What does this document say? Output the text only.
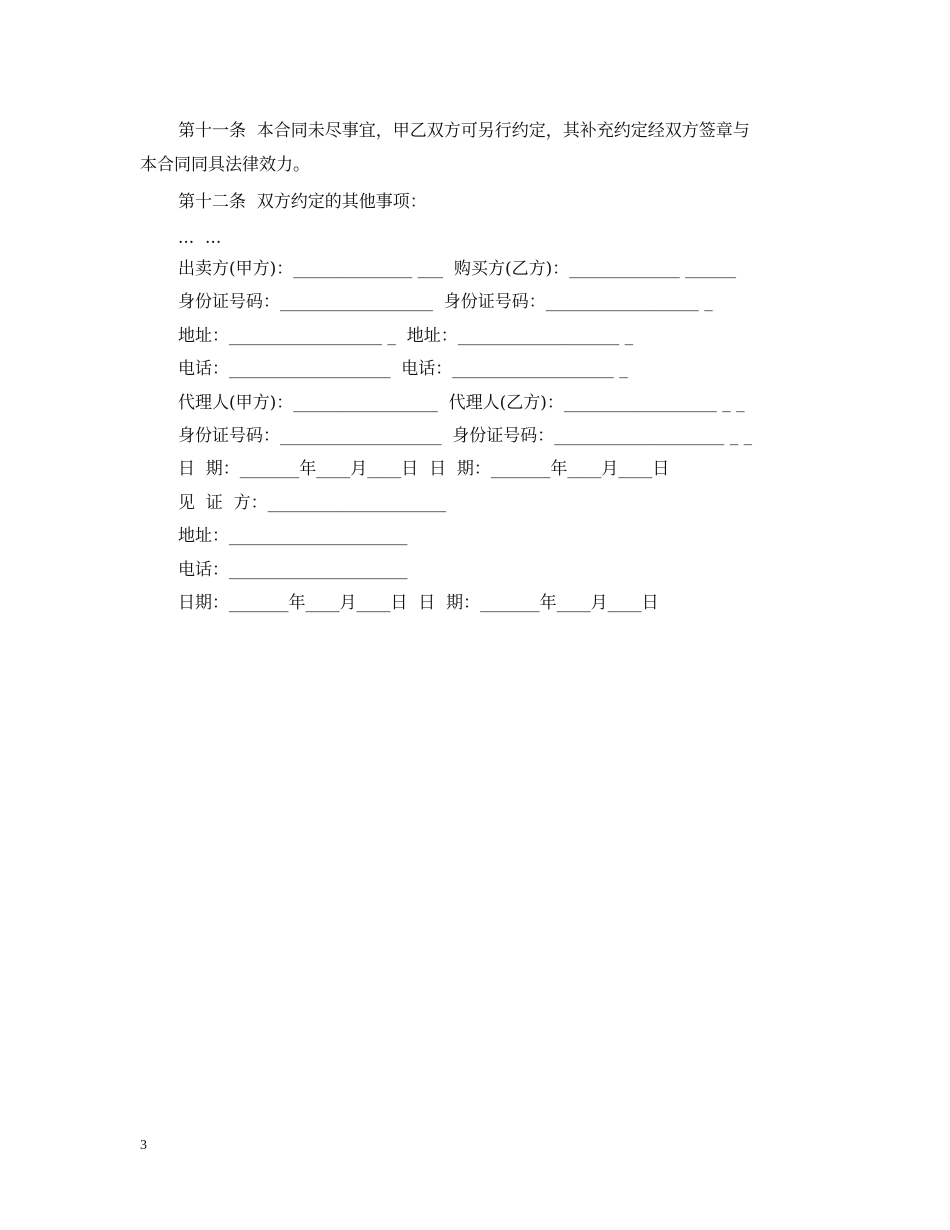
第十一条  本合同未尽事宜，甲乙双方可另行约定，其补充约定经双方签章与
本合同同具法律效力。
第十二条  双方约定的其他事项：
...  ...
出卖方(甲方)：______________ ___  购买方(乙方)：_____________ ______
身份证号码：__________________  身份证号码：__________________ _
地址：__________________ _  地址：___________________ _
电话：___________________  电话：___________________ _
代理人(甲方)：_________________  代理人(乙方)：__________________ _ _
身份证号码：___________________  身份证号码：____________________ _ _
日  期：_______年____月____日  日  期：_______年____月____日
见  证  方：_____________________
地址：_____________________
电话：_____________________
日期：_______年____月____日  日  期：_______年____月____日
3
